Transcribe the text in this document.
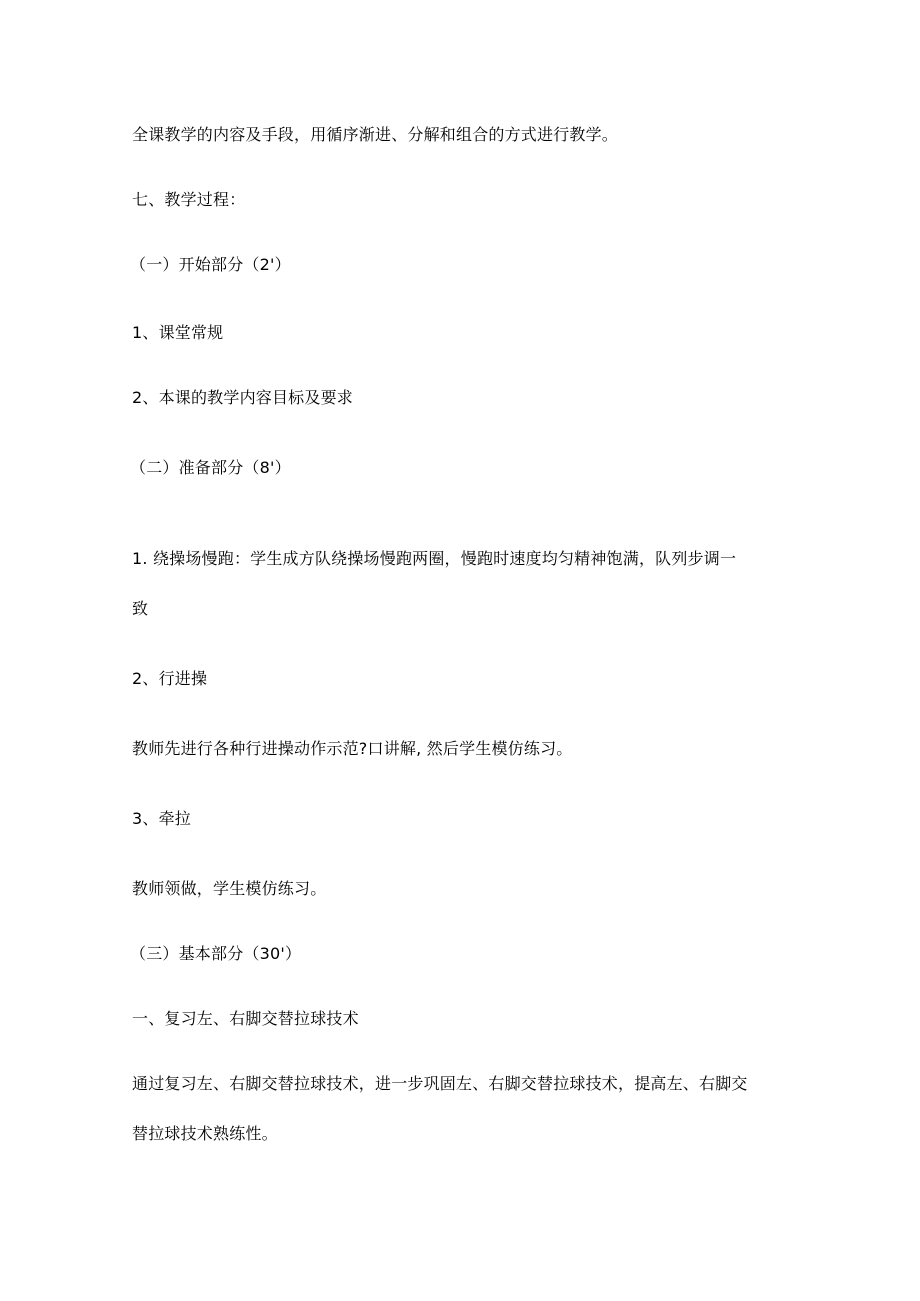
全课教学的内容及手段，用循序渐进、分解和组合的方式进行教学。
七、教学过程：
（一）开始部分（2'）
1、课堂常规
2、本课的教学内容目标及要求
（二）准备部分（8'）
1. 绕操场慢跑：学生成方队绕操场慢跑两圈，慢跑时速度均匀精神饱满，队列步调一
致
2、行进操
教师先进行各种行进操动作示范?口讲解, 然后学生模仿练习。
3、牵拉
教师领做，学生模仿练习。
（三）基本部分（30'）
一、复习左、右脚交替拉球技术
通过复习左、右脚交替拉球技术，进一步巩固左、右脚交替拉球技术，提高左、右脚交
替拉球技术熟练性。
